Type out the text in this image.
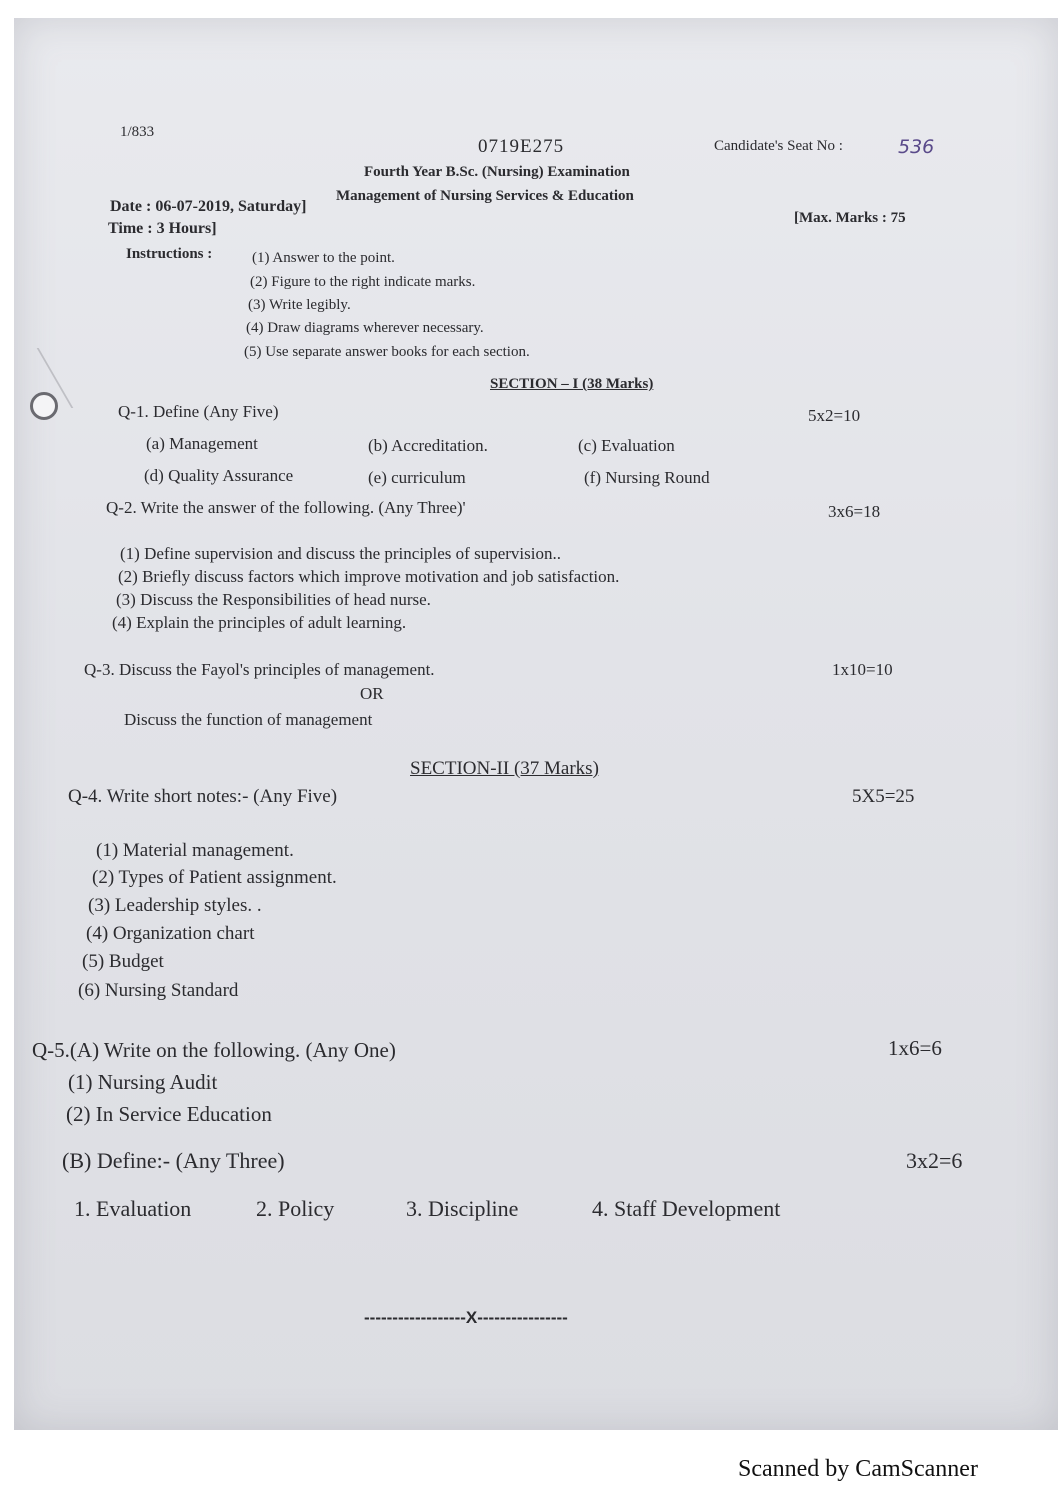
1/833
0719E275	Candidate's Seat No :	536
Fourth Year B.Sc. (Nursing) Examination
Management of Nursing Services & Education
Date : 06-07-2019, Saturday]
Time : 3 Hours]
[Max. Marks : 75
Instructions :	(1) Answer to the point.
(2) Figure to the right indicate marks.
(3) Write legibly.
(4) Draw diagrams wherever necessary.
(5) Use separate answer books for each section.
SECTION – I (38 Marks)
Q-1. Define (Any Five)	5x2=10
(a) Management	(b) Accreditation.	(c) Evaluation
(d) Quality Assurance	(e) curriculum	(f) Nursing Round
Q-2. Write the answer of the following. (Any Three)'	3x6=18
(1) Define supervision and discuss the principles of supervision..
(2) Briefly discuss factors which improve motivation and job satisfaction.
(3) Discuss the Responsibilities of head nurse.
(4) Explain the principles of adult learning.
Q-3. Discuss the Fayol's principles of management.	1x10=10
OR
Discuss the function of management
SECTION-II (37 Marks)
Q-4. Write short notes:- (Any Five)	5X5=25
(1) Material management.
(2) Types of Patient assignment.
(3) Leadership styles. .
(4) Organization chart
(5) Budget
(6) Nursing Standard
Q-5.(A) Write on the following. (Any One)	1x6=6
(1) Nursing Audit
(2) In Service Education
(B) Define:- (Any Three)	3x2=6
1. Evaluation	2. Policy	3. Discipline	4. Staff Development
------------------X----------------
Scanned by CamScanner
